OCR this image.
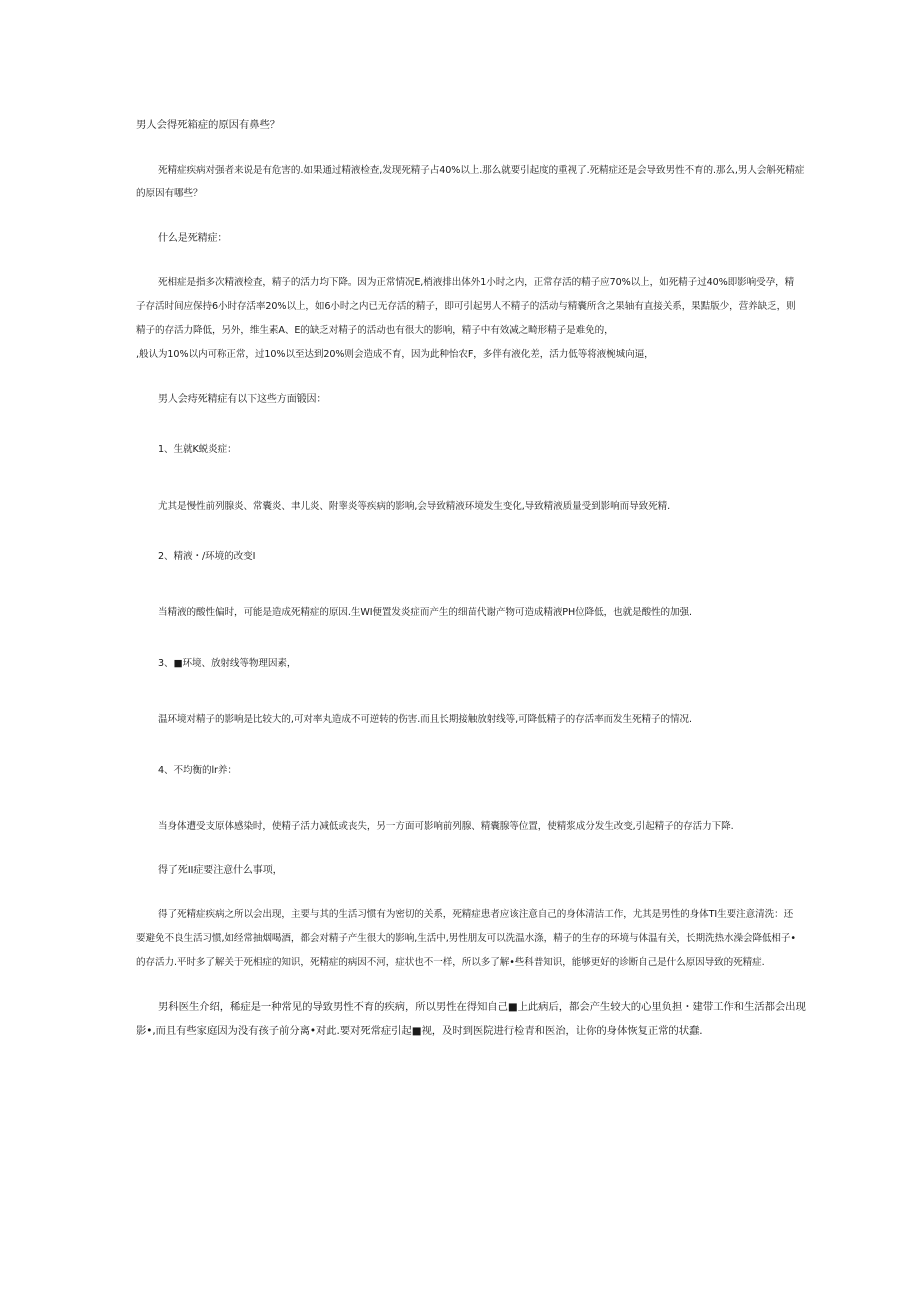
男人会得死箱症的原因有鼻些？
死精症疾病对强者来说是有危害的.如果通过精液检查,发现死精子占40%以上.那么就要引起度的重视了.死精症还是会导致男性不育的.那么,男人会斛死精症
的原因有哪些？
什么是死精症：
死相症是指多次精液检査，精子的活力均下降。因为正常情况E,梢液排出体外1小时之内，正常存活的精子应70%以上，如死精子过40%即影响受孕，精
子存活时间应保持6小时存活率20%以上，如6小时之内已无存活的精子，即可引起男人不精子的活动与精囊所含之果轴有直接关系，果黠版少，营养缺乏，则
精子的存活力降低，另外，维生素A、E的缺乏对精子的活动也有很大的影响，精子中有效减之畸形精子是难免的，
,般认为10%以内可称正常，过10%以至达到20%则会造成不育，因为此种怡农F，多伴有液化差，活力低等将液椀城向逼，
男人会痔死精症有以下这些方面锻因：
1、生就K蜕炎症：
尤其是慢性前列腺炎、常囊炎、聿儿炎、附睾炎等疾病的影响,会导致精液环境发生变化,导致精液质量受到影响而导致死精.
2、精液・/环境的改变I
当精液的酸性偏时，可能是造成死精症的原因.生WI便置发炎症而产生的细苗代谢产物可造成精液PH位降低，也就是酸性的加强.
3、■环境、放射线等物理因素，
温环境对精子的影响是比较大的,可对率丸造成不可逆转的伤害.而且长期接触放射线等,可降低精子的存活率而发生死精子的情况.
4、不均衡的lr养：
当身体遭受支原体感染时，使精子活力减低或丧失，另一方面可影响前列腺、精囊腺等位置，使精浆成分发生改变,引起精子的存活力下降.
得了死II症要注意什么事项，
得了死精症疾病之所以会出现，主要与其的生活习惯有为密切的关系，死精症患者应该注意自己的身体清洁工作，尤其是男性的身体TI生要注意清洗：还
要避免不良生活习惯,如经常抽烟喝酒，都会对精子产生很大的影响,生活中,男性朋友可以洗温水涤，精子的生存的环境与体温有关，长期洗热水澡会降低相子•
的存活力.平时多了解关于死相症的知识，死精症的病因不河，症状也不一样，所以多了解•些科普知识，能够更好的诊断自己是什么原因导致的死精症.
男科医生介绍，稀症是一种常见的导致男性不育的疾病，所以男性在得知自己■上此病后，都会产生较大的心里负担・建带工作和生活都会出现
影•,而且有些家庭因为没有孩子前分离•对此.要对死常症引起■视，及时到医院进行检青和医治，让你的身体恢复正常的状蠢.
